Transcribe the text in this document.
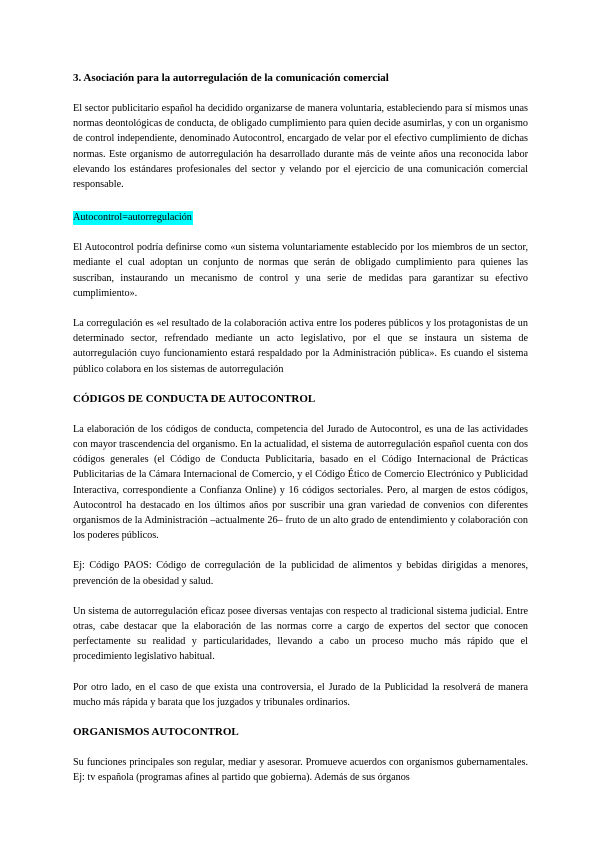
3. Asociación para la autorregulación de la comunicación comercial

El sector publicitario español ha decidido organizarse de manera voluntaria, estableciendo para sí mismos unas normas deontológicas de conducta, de obligado cumplimiento para quien decide asumirlas, y con un organismo de control independiente, denominado Autocontrol, encargado de velar por el efectivo cumplimiento de dichas normas. Este organismo de autorregulación ha desarrollado durante más de veinte años una reconocida labor elevando los estándares profesionales del sector y velando por el ejercicio de una comunicación comercial responsable.

Autocontrol=autorregulación

El Autocontrol podría definirse como «un sistema voluntariamente establecido por los miembros de un sector, mediante el cual adoptan un conjunto de normas que serán de obligado cumplimiento para quienes las suscriban, instaurando un mecanismo de control y una serie de medidas para garantizar su efectivo cumplimiento».

La corregulación es «el resultado de la colaboración activa entre los poderes públicos y los protagonistas de un determinado sector, refrendado mediante un acto legislativo, por el que se instaura un sistema de autorregulación cuyo funcionamiento estará respaldado por la Administración pública». Es cuando el sistema público colabora en los sistemas de autorregulación

CÓDIGOS DE CONDUCTA DE AUTOCONTROL

La elaboración de los códigos de conducta, competencia del Jurado de Autocontrol, es una de las actividades con mayor trascendencia del organismo. En la actualidad, el sistema de autorregulación español cuenta con dos códigos generales (el Código de Conducta Publicitaria, basado en el Código Internacional de Prácticas Publicitarias de la Cámara Internacional de Comercio, y el Código Ético de Comercio Electrónico y Publicidad Interactiva, correspondiente a Confianza Online) y 16 códigos sectoriales. Pero, al margen de estos códigos, Autocontrol ha destacado en los últimos años por suscribir una gran variedad de convenios con diferentes organismos de la Administración –actualmente 26– fruto de un alto grado de entendimiento y colaboración con los poderes públicos.

Ej: Código PAOS: Código de corregulación de la publicidad de alimentos y bebidas dirigidas a menores, prevención de la obesidad y salud.

Un sistema de autorregulación eficaz posee diversas ventajas con respecto al tradicional sistema judicial. Entre otras, cabe destacar que la elaboración de las normas corre a cargo de expertos del sector que conocen perfectamente su realidad y particularidades, llevando a cabo un proceso mucho más rápido que el procedimiento legislativo habitual.

Por otro lado, en el caso de que exista una controversia, el Jurado de la Publicidad la resolverá de manera mucho más rápida y barata que los juzgados y tribunales ordinarios.

ORGANISMOS AUTOCONTROL

Su funciones principales son regular, mediar y asesorar. Promueve acuerdos con organismos gubernamentales. Ej: tv española (programas afines al partido que gobierna). Además de sus órganos
